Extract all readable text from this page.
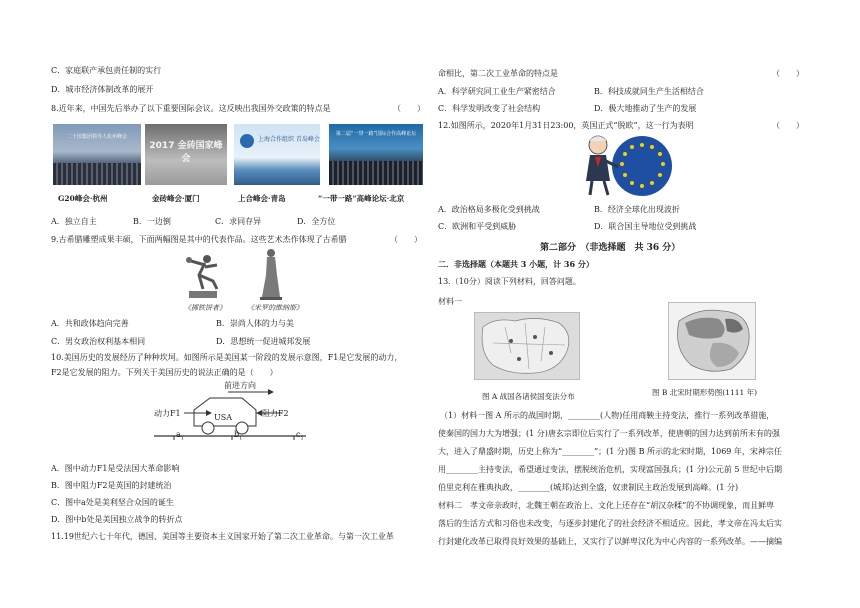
C．家庭联产承包责任制的实行
D．城市经济体制改革的展开
8.近年来，中国先后举办了以下重要国际会议。这反映出我国外交政策的特点是	（　　）
二十国集团领导人杭州峰会
2017 金砖国家峰会
上海合作组织 青岛峰会
第二届“一带一路”国际合作高峰论坛
G20峰会·杭州	金砖峰会·厦门	上合峰会·青岛	“一带一路”高峰论坛·北京
A．独立自主	B．一边倒	C．求同存异	D．全方位
9.古希腊雕塑成果丰硕，下面两幅图是其中的代表作品。这些艺术杰作体现了古希腊	（　　）
《掷铁饼者》	《米罗的维纳斯》
A．共和政体趋向完善	B．崇尚人体的力与美
C．男女政治权利基本相同	D．思想统一促进城邦发展
10.美国历史的发展经历了种种坎坷。如图所示是美国某一阶段的发展示意图，F1是它发展的动力，
F2是它发展的阻力。下列关于美国历史的说法正确的是（　　）
前进方向
动力F1	阻力F2
USA
$a_1$	$b_1$	$c_1$
A．图中动力F1是受法国大革命影响
B．图中阻力F2是英国的封建统治
C．图中a处是美利坚合众国的诞生
D．图中b处是美国独立战争的转折点
11.19世纪六七十年代，德国、美国等主要资本主义国家开始了第二次工业革命。与第一次工业革
命相比，第二次工业革命的特点是	（　　）
A．科学研究同工业生产紧密结合	B．科技成就同生产生活相结合
C．科学发明改变了社会结构	D．极大地推动了生产的发展
12.如图所示，2020年1月31日23:00，英国正式“脱欧”，这一行为表明	（　　）
A．政治格局多极化受到挑战	B．经济全球化出现波折
C．欧洲和平受到威胁	D．联合国主导地位受到挑战
第二部分　（非选择题　共 36 分）
二．非选择题（本题共 3 小题，计 36 分）
13.（10分）阅读下列材料，回答问题。
材料一
图 A 战国各诸侯国变法分布	图 B 北宋时期形势图(1111 年)
（1）材料一图 A 所示的战国时期，________(人物)任用商鞅主持变法，推行一系列改革措施，
使秦国的国力大为增强；(1 分)唐玄宗即位后实行了一系列改革，使唐朝的国力达到前所未有的强
大，进入了鼎盛时期，历史上称为“________”；(1 分)图 B 所示的北宋时期，1069 年，宋神宗任
用________主持变法，希望通过变法，摆脱统治危机，实现富国强兵；(1 分)公元前 5 世纪中后期
伯里克利在雅典执政，________(城邦)达到全盛，奴隶制民主政治发展到高峰。(1 分)
材料二　孝文帝亲政时，北魏王朝在政治上、文化上还存在“胡汉杂糅”的不协调现象，而且鲜卑
落后的生活方式和习俗也未改变，与逐步封建化了的社会经济不相适应。因此，孝文帝在冯太后实
行封建化改革已取得良好效果的基础上，又实行了以鲜卑汉化为中心内容的一系列改革。——摘编
